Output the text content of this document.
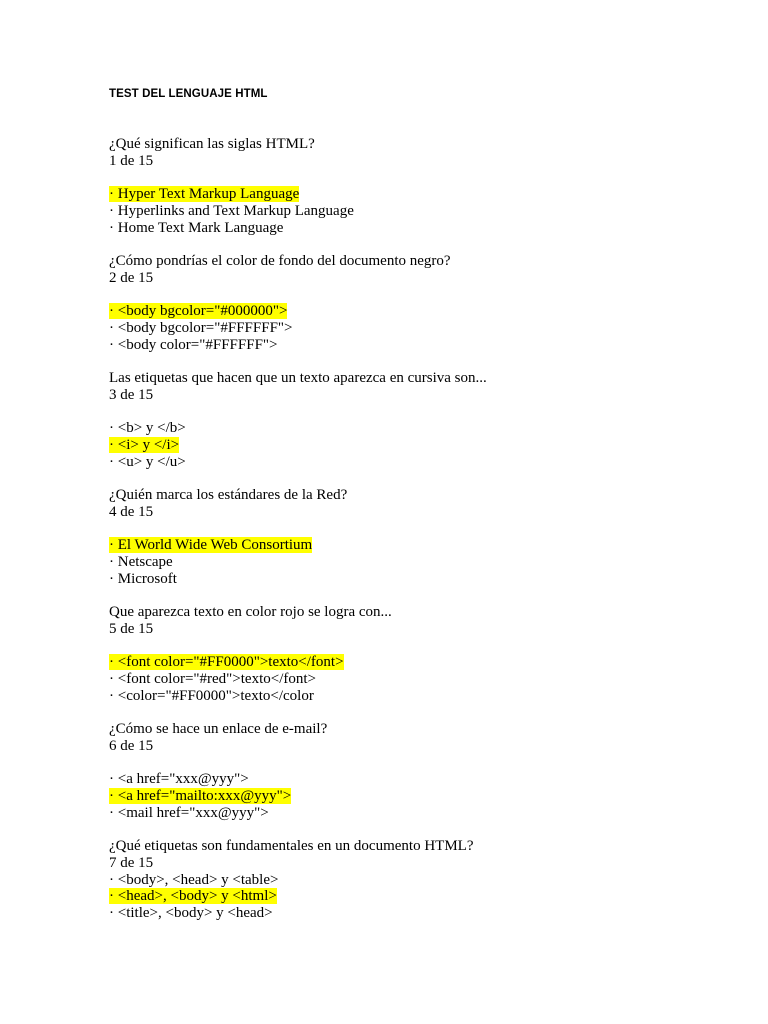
TEST DEL LENGUAJE HTML
¿Qué significan las siglas HTML?
1 de 15
· Hyper Text Markup Language
· Hyperlinks and Text Markup Language
· Home Text Mark Language
¿Cómo pondrías el color de fondo del documento negro?
2 de 15
· <body bgcolor="#000000">
· <body bgcolor="#FFFFFF">
· <body color="#FFFFFF">
Las etiquetas que hacen que un texto aparezca en cursiva son...
3 de 15
· <b> y </b>
· <i> y </i>
· <u> y </u>
¿Quién marca los estándares de la Red?
4 de 15
· El World Wide Web Consortium
· Netscape
· Microsoft
Que aparezca texto en color rojo se logra con...
5 de 15
· <font color="#FF0000">texto</font>
· <font color="#red">texto</font>
· <color="#FF0000">texto</color
¿Cómo se hace un enlace de e-mail?
6 de 15
· <a href="xxx@yyy">
· <a href="mailto:xxx@yyy">
· <mail href="xxx@yyy">
¿Qué etiquetas son fundamentales en un documento HTML?
7 de 15
· <body>, <head> y <table>
· <head>, <body> y <html>
· <title>, <body> y <head>
